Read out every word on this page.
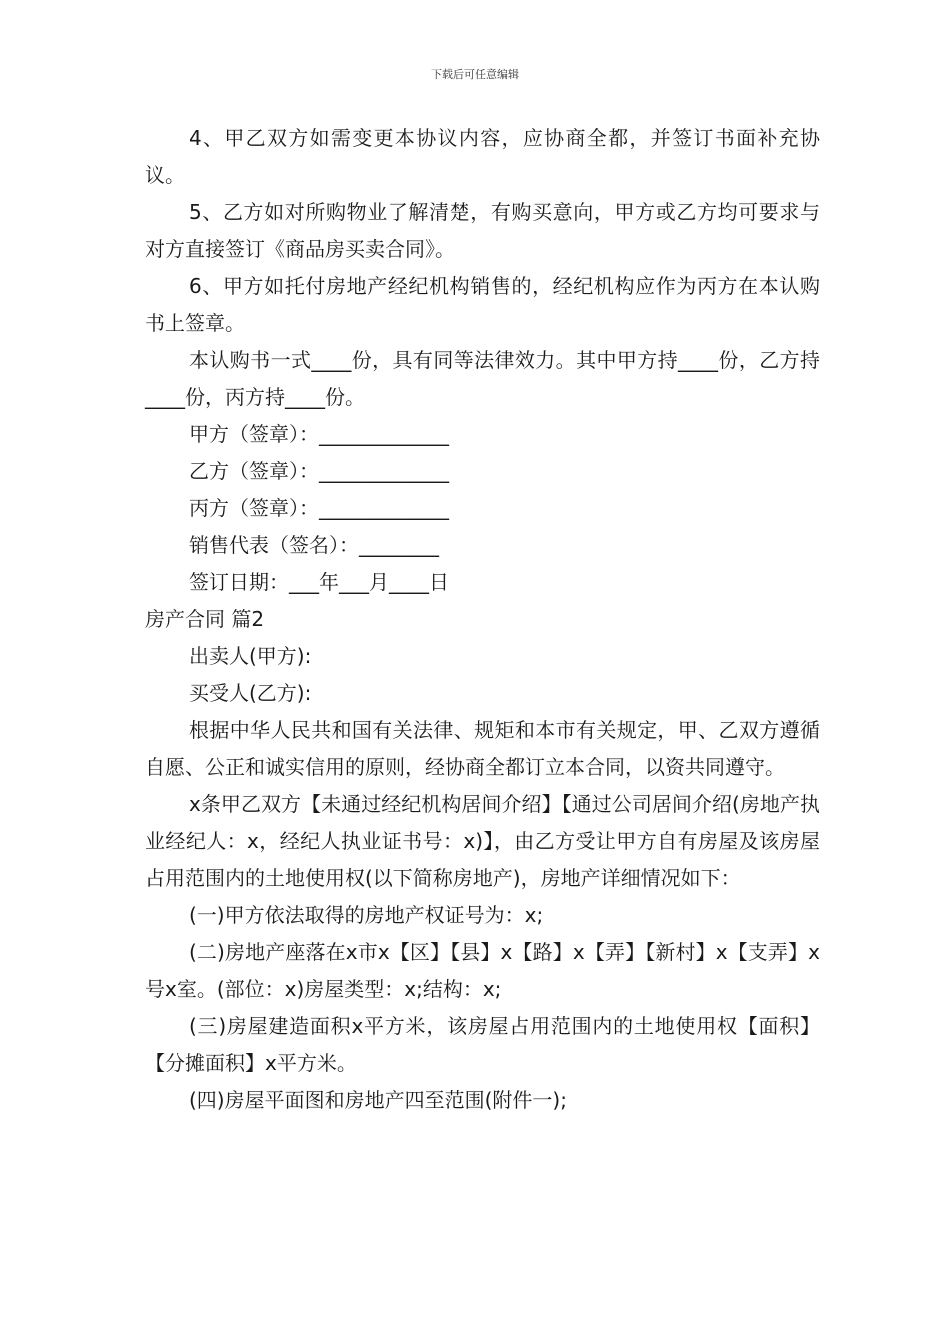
下载后可任意编辑

4、甲乙双方如需变更本协议内容，应协商全都，并签订书面补充协议。

5、乙方如对所购物业了解清楚，有购买意向，甲方或乙方均可要求与对方直接签订《商品房买卖合同》。

6、甲方如托付房地产经纪机构销售的，经纪机构应作为丙方在本认购书上签章。

本认购书一式____份，具有同等法律效力。其中甲方持____份，乙方持____份，丙方持____份。

甲方（签章）：_____________

乙方（签章）：_____________

丙方（签章）：_____________

销售代表（签名）：________

签订日期：___年___月____日

房产合同 篇2

出卖人(甲方):

买受人(乙方):

根据中华人民共和国有关法律、规矩和本市有关规定，甲、乙双方遵循自愿、公正和诚实信用的原则，经协商全都订立本合同，以资共同遵守。

x条甲乙双方【未通过经纪机构居间介绍】【通过公司居间介绍(房地产执业经纪人：x，经纪人执业证书号：x)】，由乙方受让甲方自有房屋及该房屋占用范围内的土地使用权(以下简称房地产)，房地产详细情况如下：

(一)甲方依法取得的房地产权证号为：x;

(二)房地产座落在x市x【区】【县】x【路】x【弄】【新村】x【支弄】x号x室。(部位：x)房屋类型：x;结构：x;

(三)房屋建造面积x平方米，该房屋占用范围内的土地使用权【面积】【分摊面积】x平方米。

(四)房屋平面图和房地产四至范围(附件一);
